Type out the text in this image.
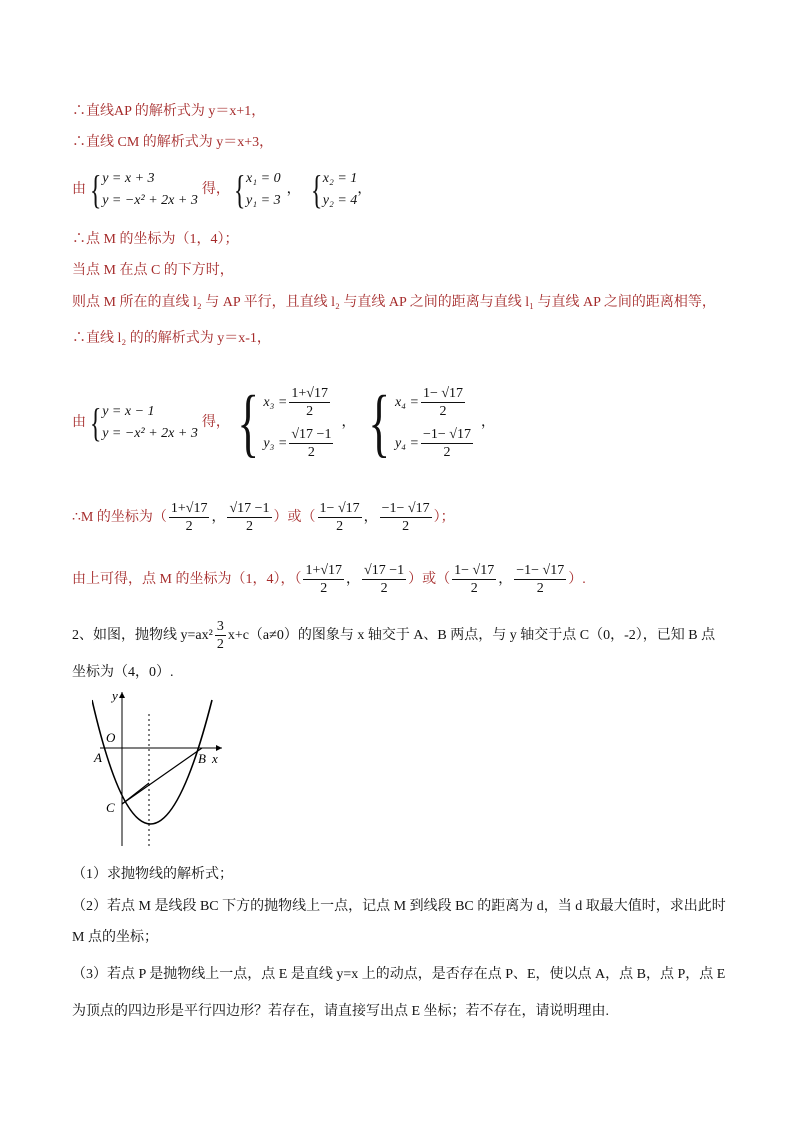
∴直线AP 的解析式为 y＝x+1，
∴直线 CM 的解析式为 y＝x+3，
由 { y = x + 3
y = −x² + 2x + 3
得， { x₁ = 0
y₁ = 3
， { x₂ = 1
y₂ = 4
，
∴点 M 的坐标为（1，4）；
当点 M 在点 C 的下方时，
则点 M 所在的直线 l₂ 与 AP 平行，且直线 l₂ 与直线 AP 之间的距离与直线 l₁ 与直线 AP 之间的距离相等，
∴直线 l₂ 的的解析式为 y＝x-1，
由 { y = x − 1
y = −x² + 2x + 3
得， { $x_3 = \frac{1+√17}{2}$
$y_3 = \frac{√17 -1}{2}$
， { $x_4 = \frac{1- √17}{2}$
$y_4 = \frac{-1- √17}{2}$
，
∴M 的坐标为（ $\frac{1+√17}{2}$ ， $\frac{√17 -1}{2}$ ）或（ $\frac{1- √17}{2}$ ， $\frac{-1- √17}{2}$ ）；
由上可得，点 M 的坐标为（1，4），（ $\frac{1+√17}{2}$ ， $\frac{√17 -1}{2}$ ）或（ $\frac{1- √17}{2}$ ， $\frac{-1- √17}{2}$ ）.
2、如图，抛物线 $y=ax^2 \frac{3}{2} x+c(a\ne 0)$的图象与 x 轴交于 A、B 两点，与 y 轴交于点 C（0，-2），已知 B 点
坐标为（4，0）.
y
O
A	B x
C
（1）求抛物线的解析式；
（2）若点 M 是线段 BC 下方的抛物线上一点，记点 M 到线段 BC 的距离为 d，当 d 取最大值时，求出此时
M 点的坐标；
（3）若点 P 是抛物线上一点，点 E 是直线 y=x 上的动点，是否存在点 P、E，使以点 A，点 B，点 P，点 E
为顶点的四边形是平行四边形？若存在，请直接写出点 E 坐标；若不存在，请说明理由.
